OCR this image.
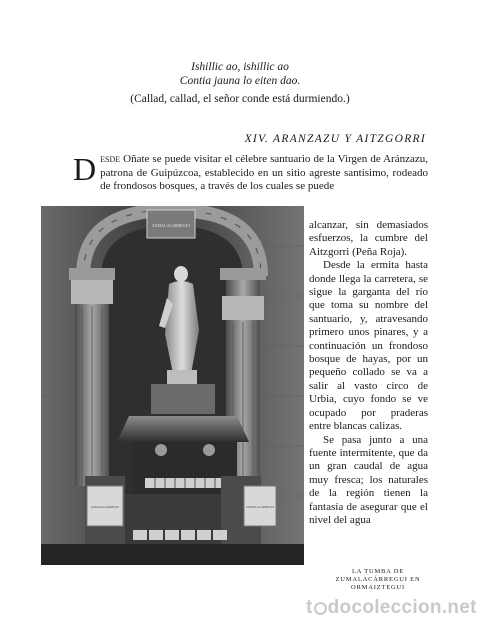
Ishillic ao, ishillic ao
Contia jauna lo eiten dao.
(Callad, callad, el señor conde está durmiendo.)
XIV. ARANZAZU Y AITZGORRI
Desde Oñate se puede visitar el célebre santuario de la Virgen de Aránzazu, patrona de Guipúzcoa, establecido en un sitio agreste santísimo, rodeado de frondosos bosques, a través de los cuales se puede
ZUMALACARREGUI
ZUMALACARREGUI	ZUMALACARREGUI

alcanzar, sin demasiados esfuerzos, la cumbre del Aitzgorri (Peña Roja).

Desde la ermita hasta donde llega la carretera, se sigue la garganta del río que toma su nombre del santuario, y, atravesando primero unos pinares, y a continuación un frondoso bosque de hayas, por un pequeño collado se va a salir al vasto circo de Urbia, cuyo fondo se ve ocupado por praderas entre blancas calizas.

Se pasa junto a una fuente intermitente, que da un gran caudal de agua muy fresca; los naturales de la región tienen la fantasía de asegurar que el nivel del agua

LA TUMBA DE ZUMALACÁRREGUI EN ORMAIZTEGUI
t docoleccion.net
